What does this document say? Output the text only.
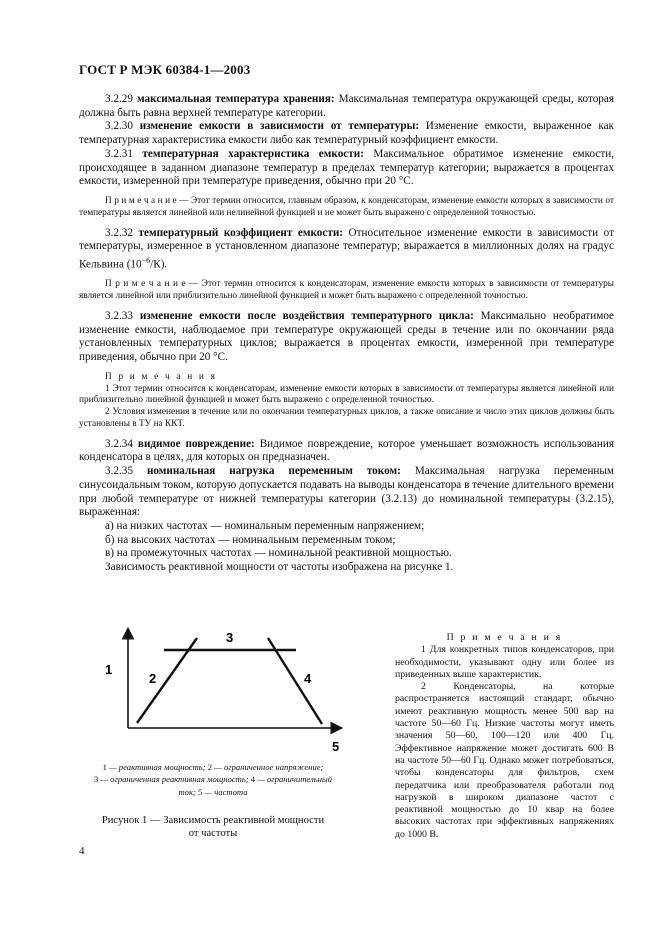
ГОСТ Р МЭК 60384-1—2003

3.2.29 максимальная температура хранения: Максимальная температура окружающей среды, которая должна быть равна верхней температуре категории.

3.2.30 изменение емкости в зависимости от температуры: Изменение емкости, выраженное как температурная характеристика емкости либо как температурный коэффициент емкости.

3.2.31 температурная характеристика емкости: Максимальное обратимое изменение емкости, происходящее в заданном диапазоне температур в пределах температур категории; выражается в процентах емкости, измеренной при температуре приведения, обычно при 20 °С.

П р и м е ч а н и е — Этот термин относится, главным образом, к конденсаторам, изменение емкости которых в зависимости от температуры является линейной или нелинейной функцией и не может быть выражено с определенной точностью.

3.2.32 температурный коэффициент емкости: Относительное изменение емкости в зависимости от температуры, измеренное в установленном диапазоне температур; выражается в миллионных долях на градус Кельвина $(10^{-6}/К)$.

П р и м е ч а н и е — Этот термин относится к конденсаторам, изменение емкости которых в зависимости от температуры является линейной или приблизительно линейной функцией и может быть выражено с определенной точностью.

3.2.33 изменение емкости после воздействия температурного цикла: Максимально необратимое изменение емкости, наблюдаемое при температуре окружающей среды в течение или по окончании ряда установленных температурных циклов; выражается в процентах емкости, измеренной при температуре приведения, обычно при 20 °С.

П р и м е ч а н и я

1 Этот термин относится к конденсаторам, изменение емкости которых в зависимости от температуры является линейной или приблизительно линейной функцией и может быть выражено с определенной точностью.

2 Условия изменения в течение или по окончании температурных циклов, а также описание и число этих циклов должны быть установлены в ТУ на ККТ.

3.2.34 видимое повреждение: Видимое повреждение, которое уменьшает возможность использования конденсатора в целях, для которых он предназначен.

3.2.35 номинальная нагрузка переменным током: Максимальная нагрузка переменным синусоидальным током, которую допускается подавать на выводы конденсатора в течение длительного времени при любой температуре от нижней температуры категории (3.2.13) до номинальной температуры (3.2.15), выраженная:

а) на низких частотах — номинальным переменным напряжением;

б) на высоких частотах — номинальным переменным током;

в) на промежуточных частотах — номинальной реактивной мощностью.

Зависимость реактивной мощности от частоты изображена на рисунке 1.

1
2
3
4
5
1 — реактивная мощность; 2 — ограниченное напряжение;
3 — ограниченная реактивная мощность; 4 — ограничительный
ток; 5 — частота
Рисунок 1 — Зависимость реактивной мощности
от частоты

П р и м е ч а н и я

1 Для конкретных типов конденсаторов, при необходимости, указывают одну или более из приведенных выше характеристик.

2 Конденсаторы, на которые распространяется настоящий стандарт, обычно имеют реактивную мощность менее 500 вар на частоте 50—60 Гц. Низкие частоты могут иметь значения 50—60, 100—120 или 400 Гц. Эффективное напряжение может достигать 600 В на частоте 50—60 Гц. Однако может потребоваться, чтобы конденсаторы для фильтров, схем передатчика или преобразователя работали под нагрузкой в широком диапазоне частот с реактивной мощностью до 10 квар на более высоких частотах при эффективных напряжениях до 1000 В.

4
